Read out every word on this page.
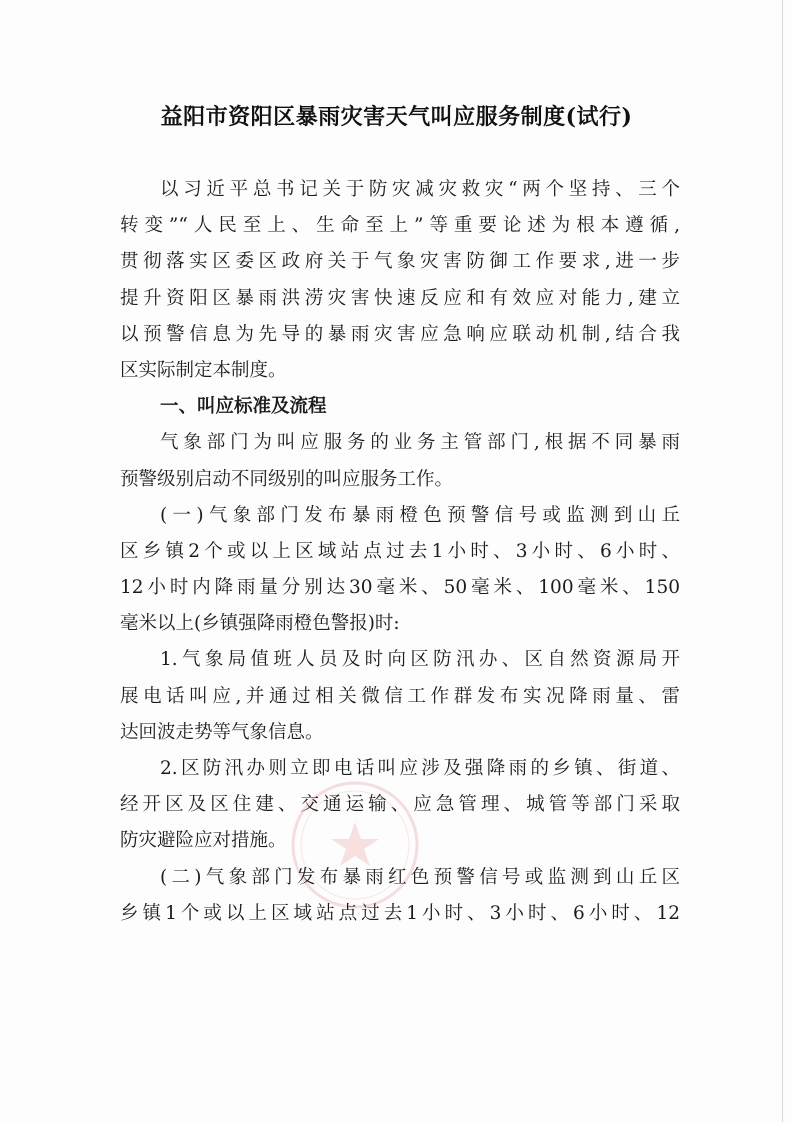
益阳市资阳区暴雨灾害天气叫应服务制度(试行)
以习近平总书记关于防灾减灾救灾“两个坚持、三个
转变”“人民至上、生命至上”等重要论述为根本遵循,
贯彻落实区委区政府关于气象灾害防御工作要求,进一步
提升资阳区暴雨洪涝灾害快速反应和有效应对能力,建立
以预警信息为先导的暴雨灾害应急响应联动机制,结合我
区实际制定本制度。
一、叫应标准及流程
气象部门为叫应服务的业务主管部门,根据不同暴雨
预警级别启动不同级别的叫应服务工作。
(一)气象部门发布暴雨橙色预警信号或监测到山丘
区乡镇2个或以上区域站点过去1小时、3小时、6小时、
12小时内降雨量分别达30毫米、50毫米、100毫米、150
毫米以上(乡镇强降雨橙色警报)时:
1.气象局值班人员及时向区防汛办、区自然资源局开
展电话叫应,并通过相关微信工作群发布实况降雨量、雷
达回波走势等气象信息。
2.区防汛办则立即电话叫应涉及强降雨的乡镇、街道、
经开区及区住建、交通运输、应急管理、城管等部门采取
防灾避险应对措施。
(二)气象部门发布暴雨红色预警信号或监测到山丘区
乡镇1个或以上区域站点过去1小时、3小时、6小时、12
